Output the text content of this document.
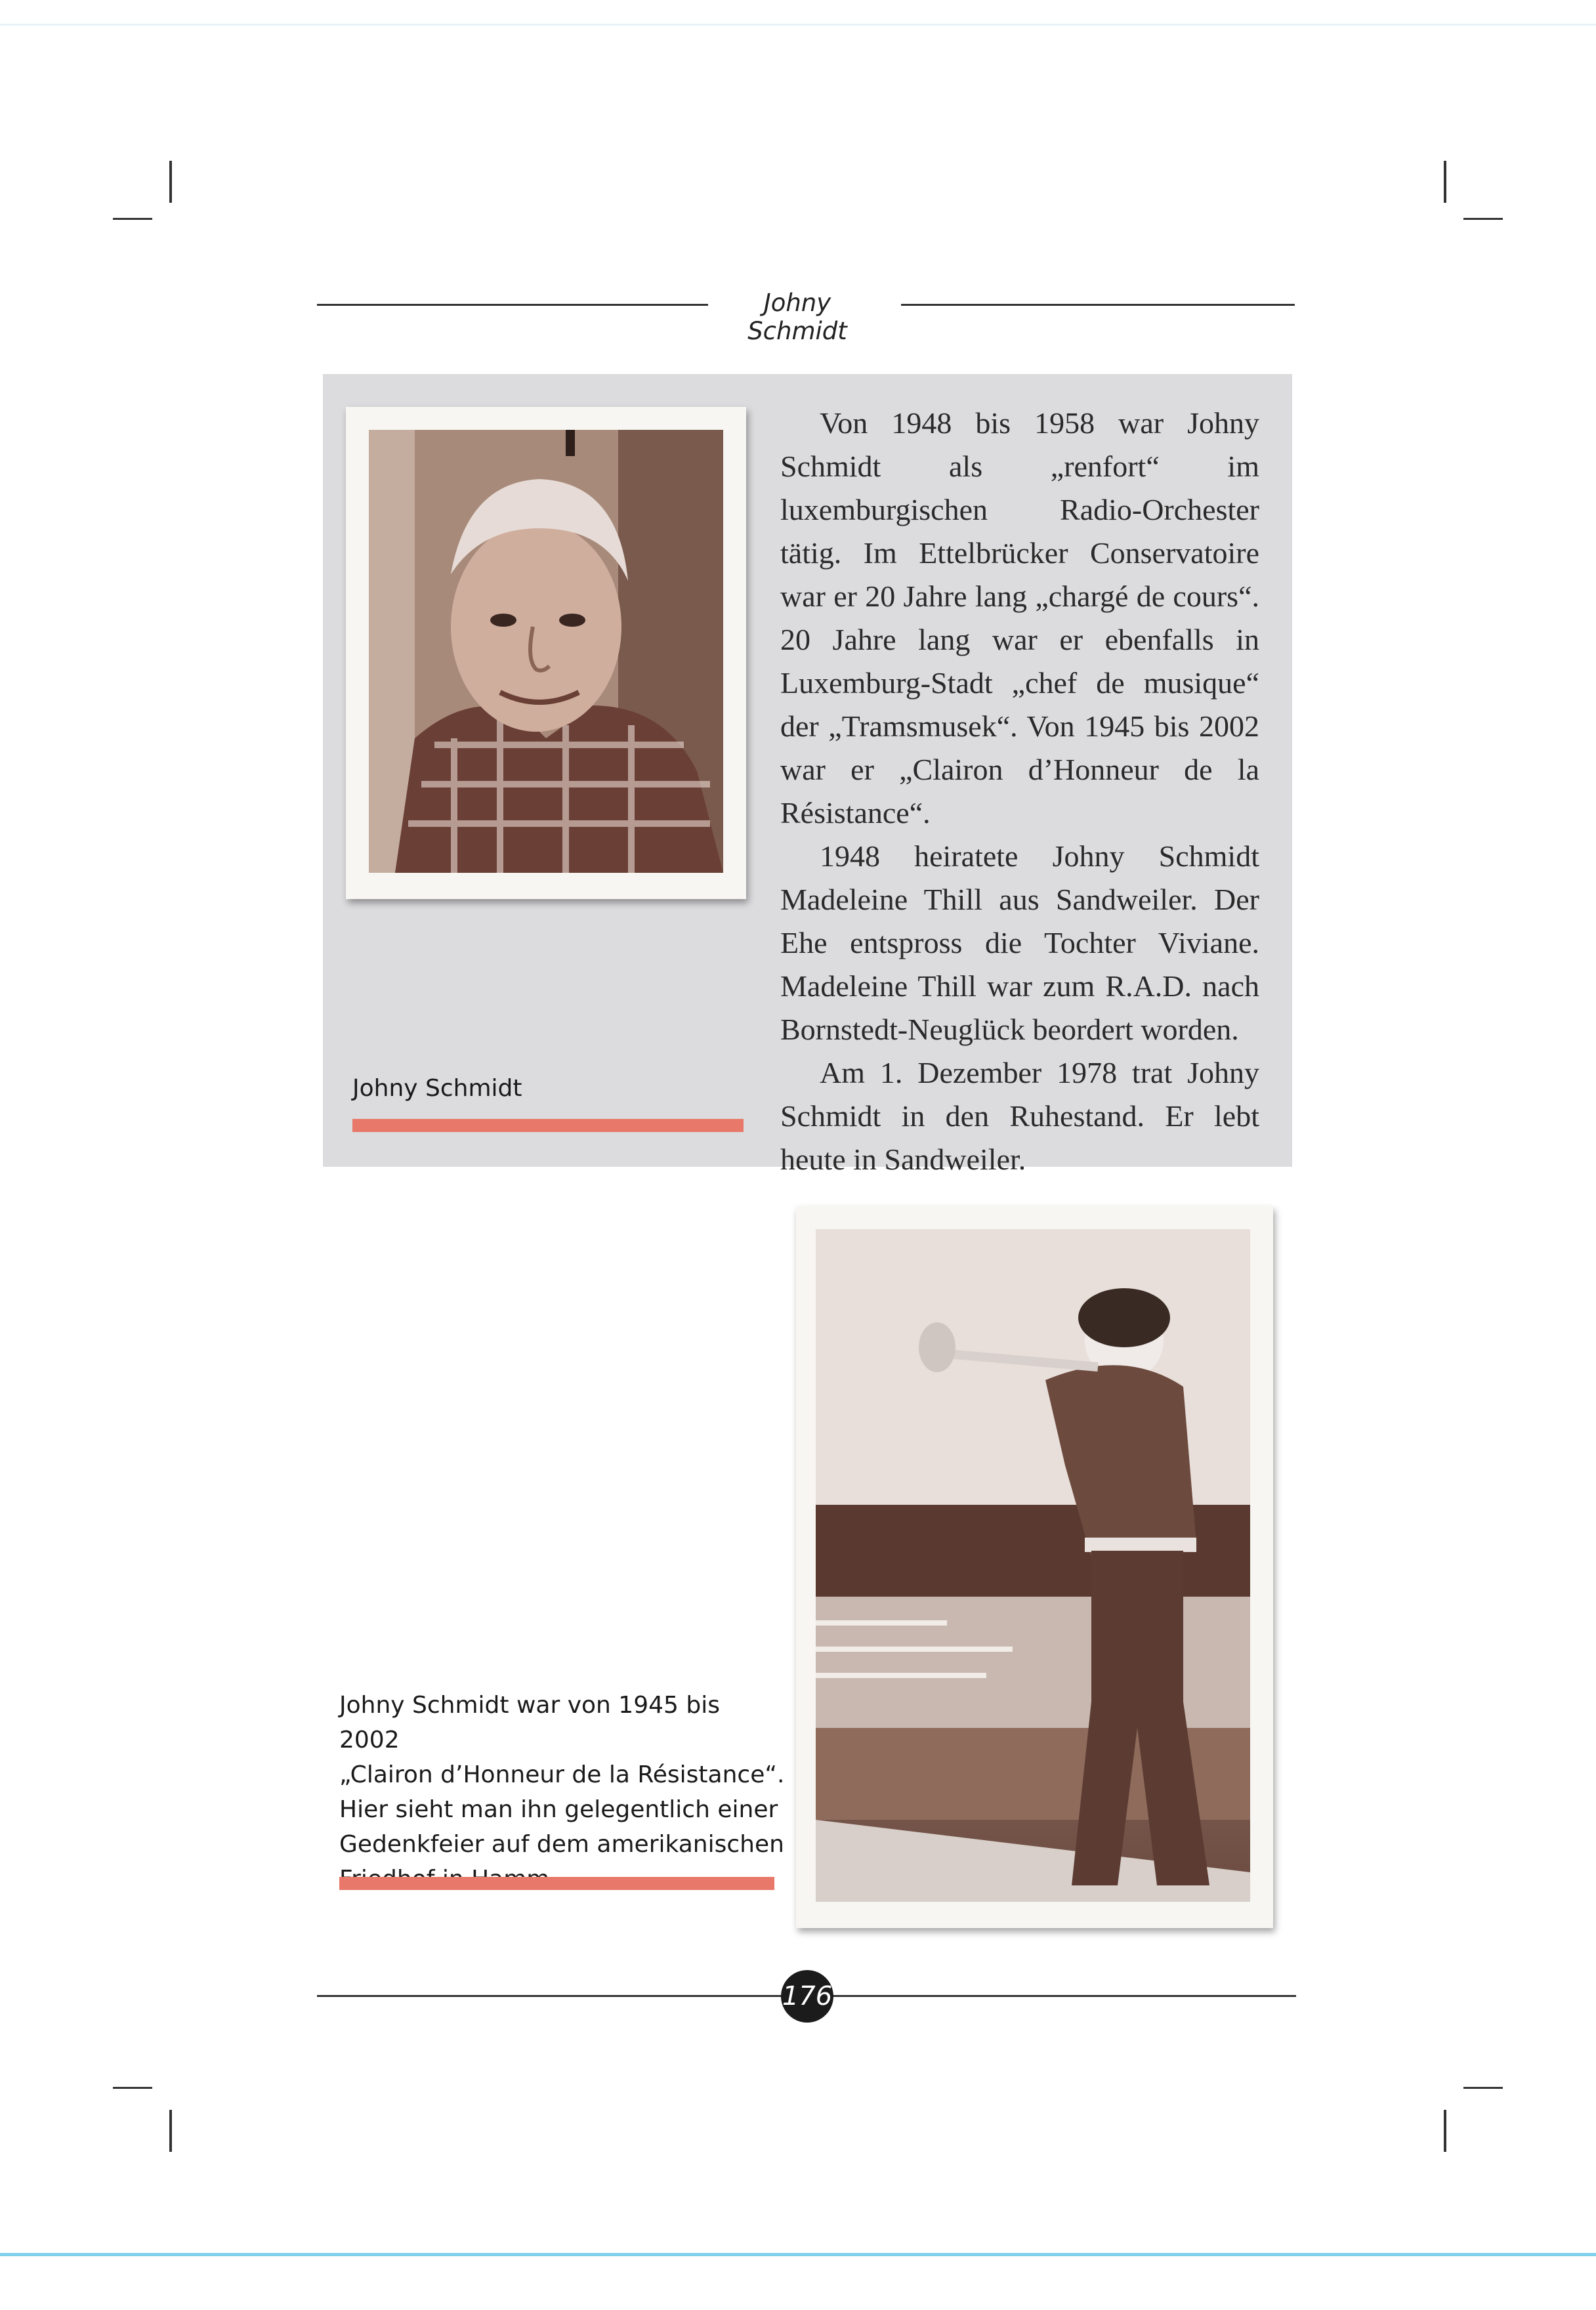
Johny Schmidt
Johny Schmidt

Von 1948 bis 1958 war Johny Schmidt als „renfort“ im luxemburgischen Radio-Orchester tätig. Im Ettelbrücker Conservatoire war er 20 Jahre lang „chargé de cours“. 20 Jahre lang war er ebenfalls in Luxemburg-Stadt „chef de musique“ der „Tramsmusek“. Von 1945 bis 2002 war er „Clairon d’Honneur de la Résistance“.

1948 heiratete Johny Schmidt Madeleine Thill aus Sandweiler. Der Ehe entspross die Tochter Viviane. Madeleine Thill war zum R.A.D. nach Bornstedt-Neuglück beordert worden.

Am 1. Dezember 1978 trat Johny Schmidt in den Ruhestand. Er lebt heute in Sandweiler.

Johny Schmidt war von 1945 bis 2002
„Clairon d’Honneur de la Résistance“.
Hier sieht man ihn gelegentlich einer
Gedenkfeier auf dem amerikanischen
176
